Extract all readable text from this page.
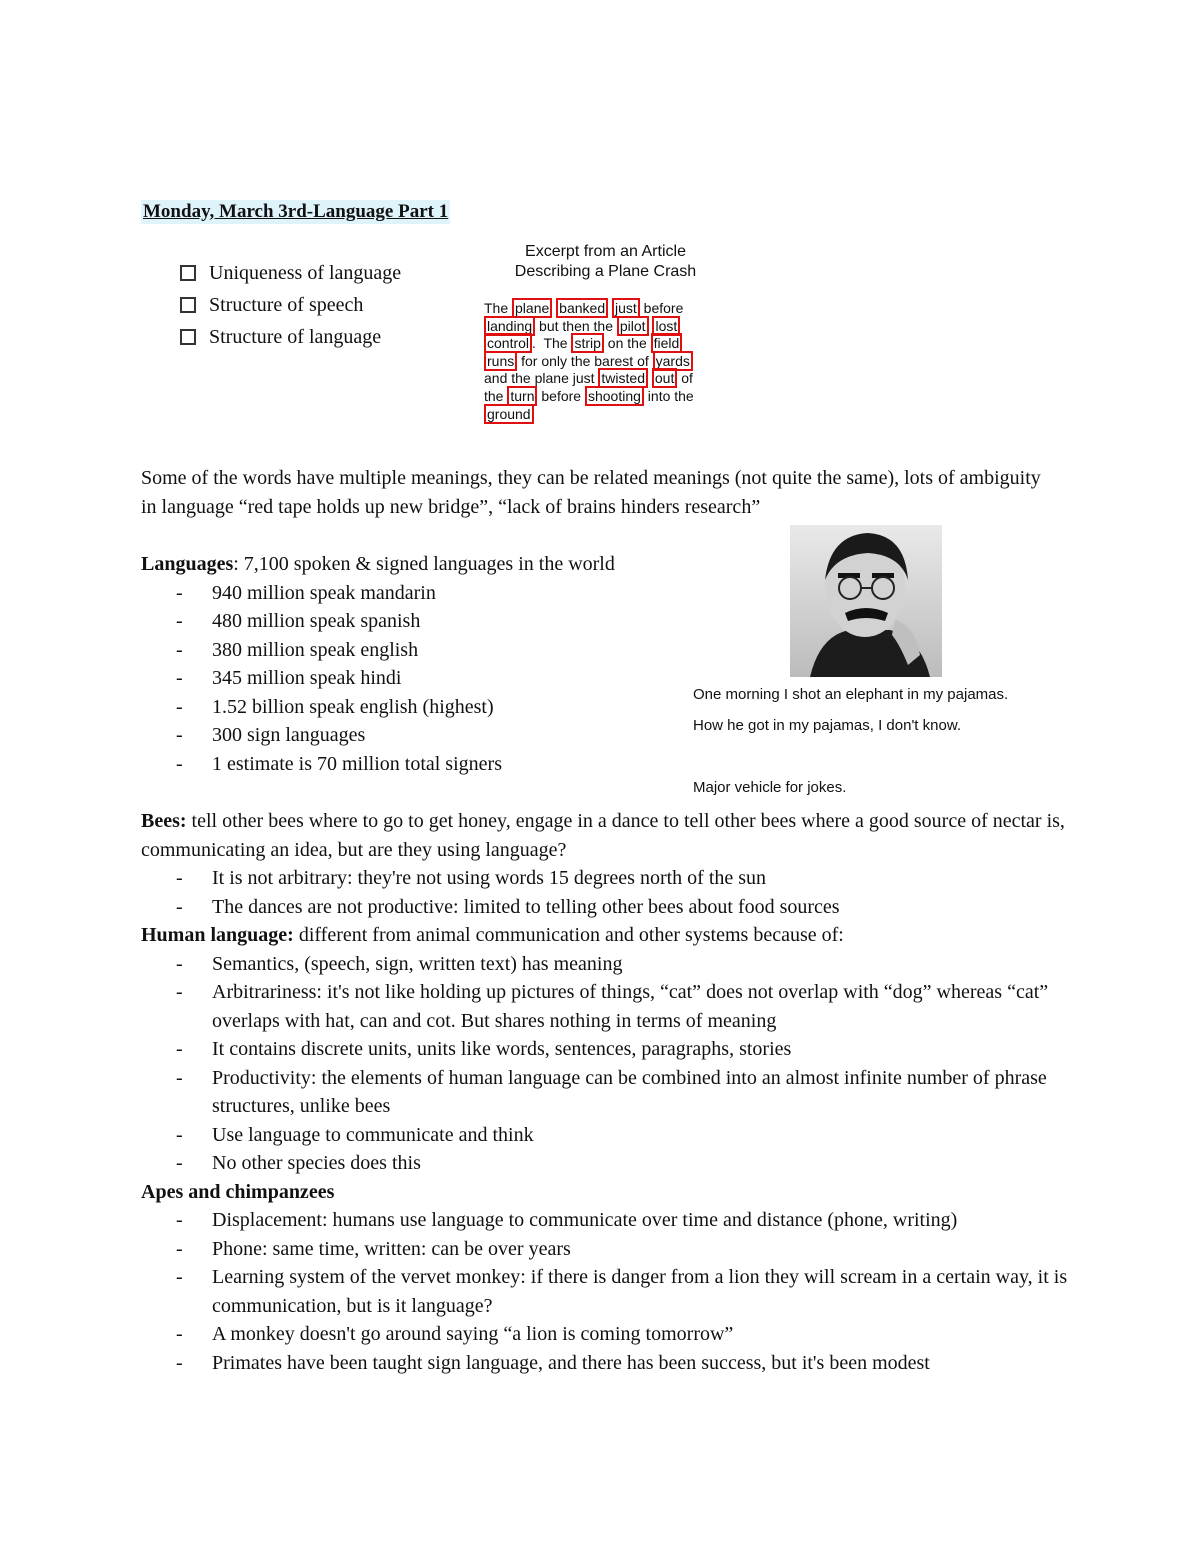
Monday, March 3rd-Language Part 1
Uniqueness of language
Structure of speech
Structure of language
Excerpt from an Article
Describing a Plane Crash
The plane banked just before
landing but then the pilot lost
control .  The strip on the field
runs for only the barest of yards
and the plane just twisted out of
the turn before shooting into the
ground
Some of the words have multiple meanings, they can be related meanings (not quite the same), lots of ambiguity in language “red tape holds up new bridge”, “lack of brains hinders research”
Languages: 7,100 spoken & signed languages in the world
- 940 million speak mandarin
- 480 million speak spanish
- 380 million speak english
- 345 million speak hindi
- 1.52 billion speak english (highest)
- 300 sign languages
- 1 estimate is 70 million total signers
One morning I shot an elephant in my pajamas.
How he got in my pajamas, I don't know.
Major vehicle for jokes.
Bees: tell other bees where to go to get honey, engage in a dance to tell other bees where a good source of nectar is, communicating an idea, but are they using language?
- It is not arbitrary: they're not using words 15 degrees north of the sun
- The dances are not productive: limited to telling other bees about food sources
Human language: different from animal communication and other systems because of:
- Semantics, (speech, sign, written text) has meaning
- Arbitrariness: it's not like holding up pictures of things, “cat” does not overlap with “dog” whereas “cat” overlaps with hat, can and cot. But shares nothing in terms of meaning
- It contains discrete units, units like words, sentences, paragraphs, stories
- Productivity: the elements of human language can be combined into an almost infinite number of phrase structures, unlike bees
- Use language to communicate and think
- No other species does this
Apes and chimpanzees
- Displacement: humans use language to communicate over time and distance (phone, writing)
- Phone: same time, written: can be over years
- Learning system of the vervet monkey: if there is danger from a lion they will scream in a certain way, it is communication, but is it language?
- A monkey doesn't go around saying “a lion is coming tomorrow”
- Primates have been taught sign language, and there has been success, but it's been modest
